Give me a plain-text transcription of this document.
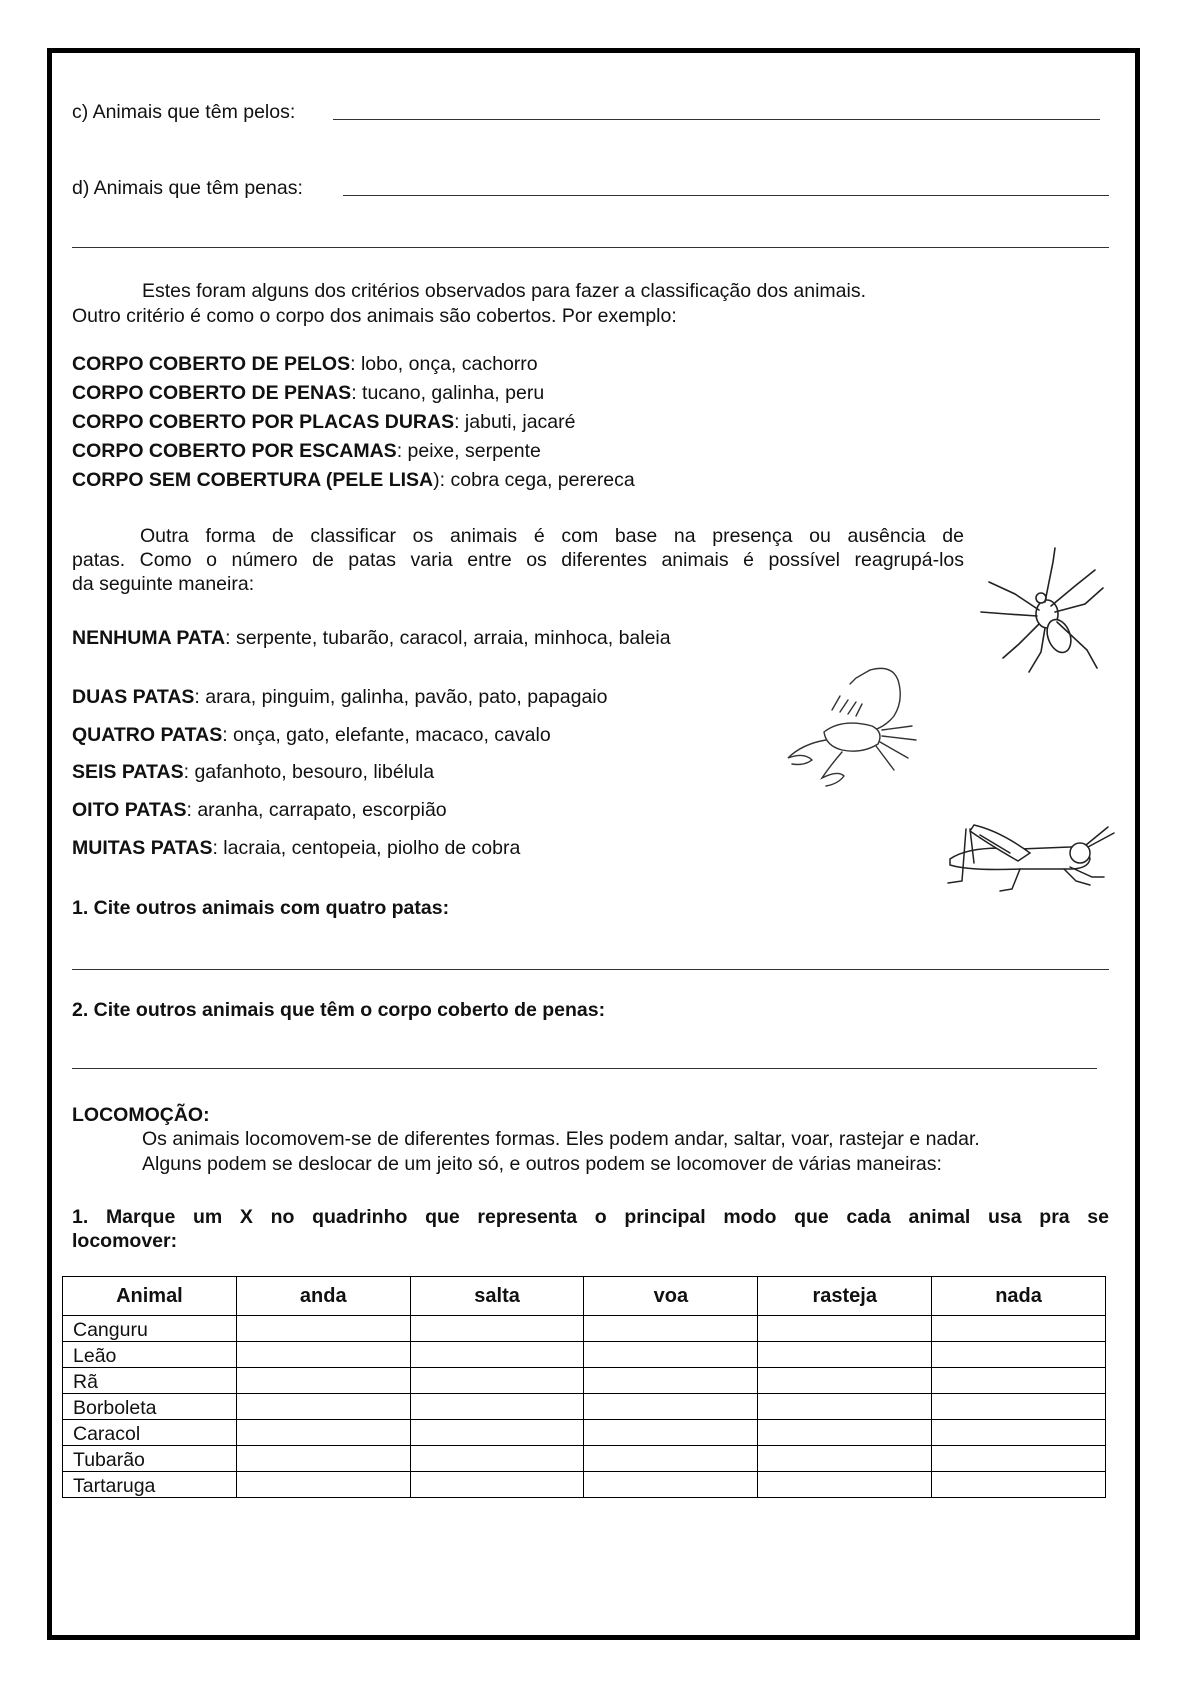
c) Animais que têm pelos:
d) Animais que têm penas:
Estes foram alguns dos critérios observados para fazer a classificação dos animais.
Outro critério é como o corpo dos animais são cobertos. Por exemplo:
CORPO COBERTO DE PELOS: lobo, onça, cachorro
CORPO COBERTO DE PENAS: tucano, galinha, peru
CORPO COBERTO POR PLACAS DURAS: jabuti, jacaré
CORPO COBERTO POR ESCAMAS: peixe, serpente
CORPO SEM COBERTURA (PELE LISA): cobra cega, perereca
Outra forma de classificar os animais é com base na presença ou ausência de
patas. Como o número de patas varia entre os diferentes animais é possível reagrupá-los
da seguinte maneira:
NENHUMA PATA: serpente, tubarão, caracol, arraia, minhoca, baleia
DUAS PATAS: arara, pinguim, galinha, pavão, pato, papagaio
QUATRO PATAS: onça, gato, elefante, macaco, cavalo
SEIS PATAS: gafanhoto, besouro, libélula
OITO PATAS: aranha, carrapato, escorpião
MUITAS PATAS: lacraia, centopeia, piolho de cobra
1. Cite outros animais com quatro patas:
2. Cite outros animais que têm o corpo coberto de penas:
LOCOMOÇÃO:
Os animais locomovem-se de diferentes formas. Eles podem andar, saltar, voar, rastejar e nadar.
Alguns podem se deslocar de um jeito só, e outros podem se locomover de várias maneiras:
1. Marque um X no quadrinho que representa o principal modo que cada animal usa pra se
locomover:
Animal	anda	salta	voa	rasteja	nada
Canguru					
Leão					
Rã					
Borboleta					
Caracol					
Tubarão					
Tartaruga					
